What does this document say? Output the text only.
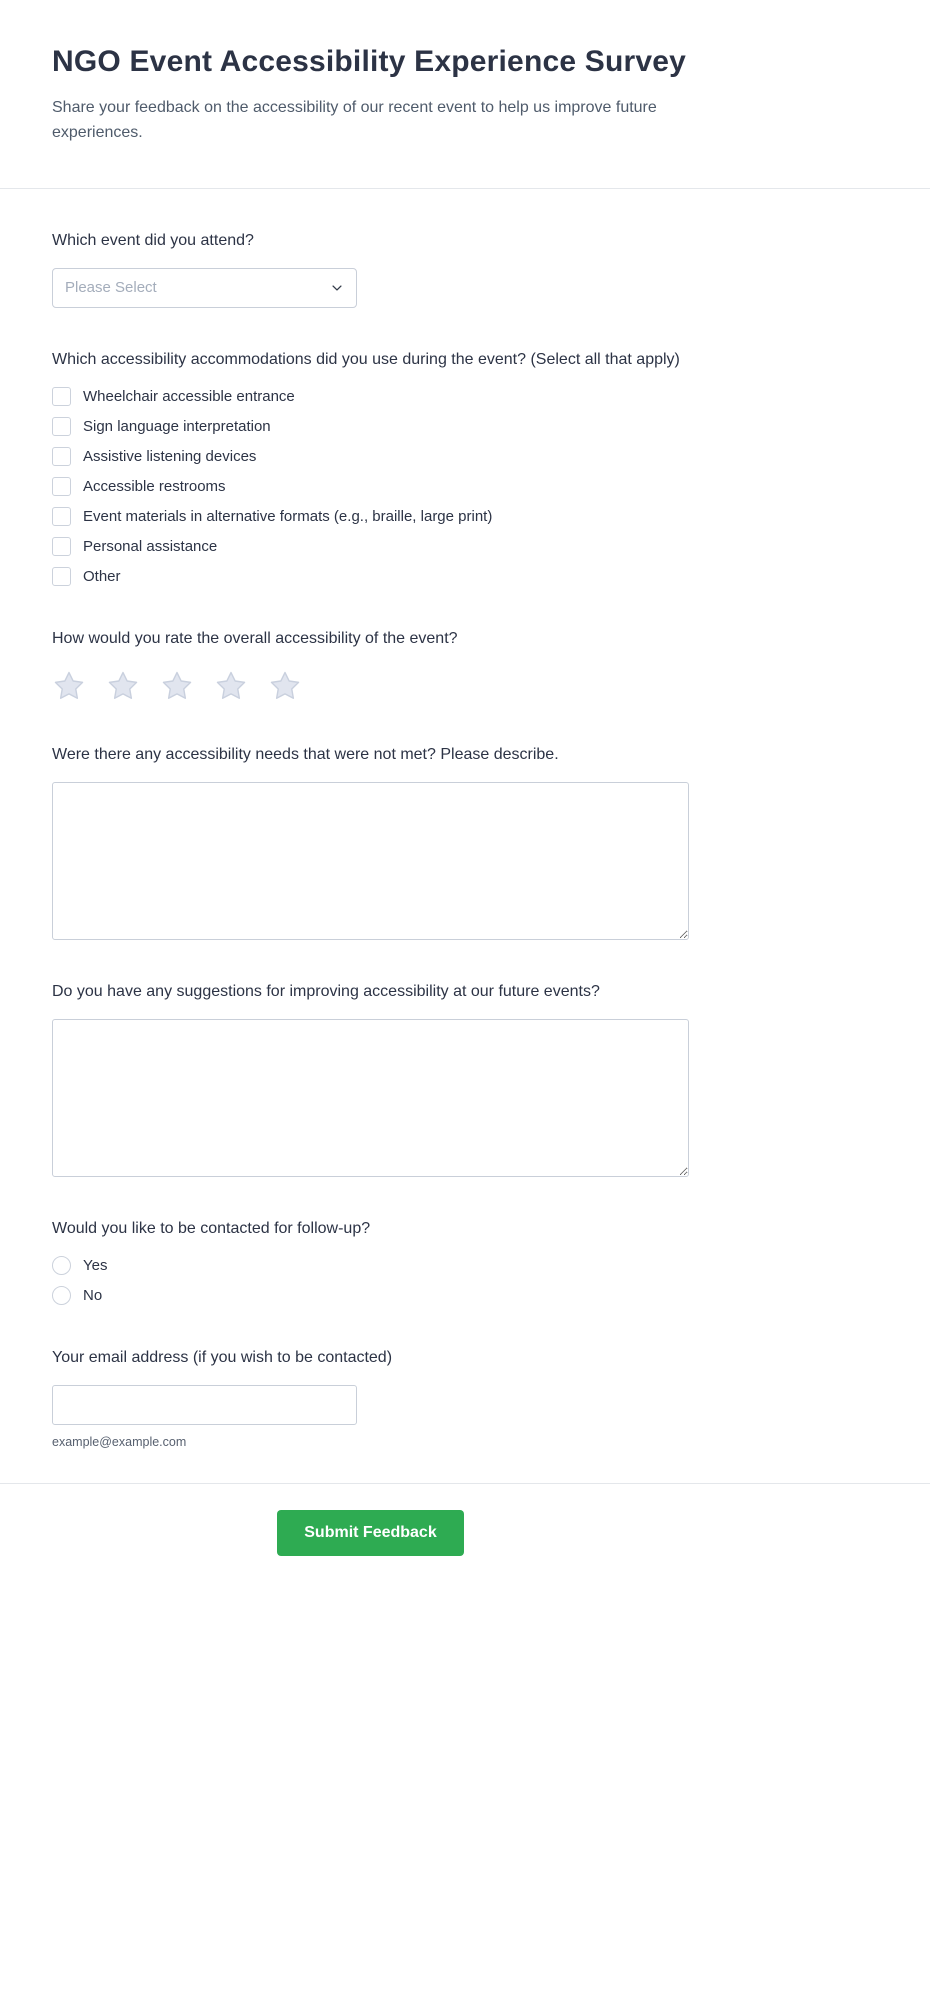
NGO Event Accessibility Experience Survey

Share your feedback on the accessibility of our recent event to help us improve future experiences.

Which event did you attend?
Please Select
Which accessibility accommodations did you use during the event? (Select all that apply)
Wheelchair accessible entrance
Sign language interpretation
Assistive listening devices
Accessible restrooms
Event materials in alternative formats (e.g., braille, large print)
Personal assistance
Other
How would you rate the overall accessibility of the event?
Were there any accessibility needs that were not met? Please describe.
Do you have any suggestions for improving accessibility at our future events?
Would you like to be contacted for follow-up?
Yes
No
Your email address (if you wish to be contacted)
example@example.com
Submit Feedback
